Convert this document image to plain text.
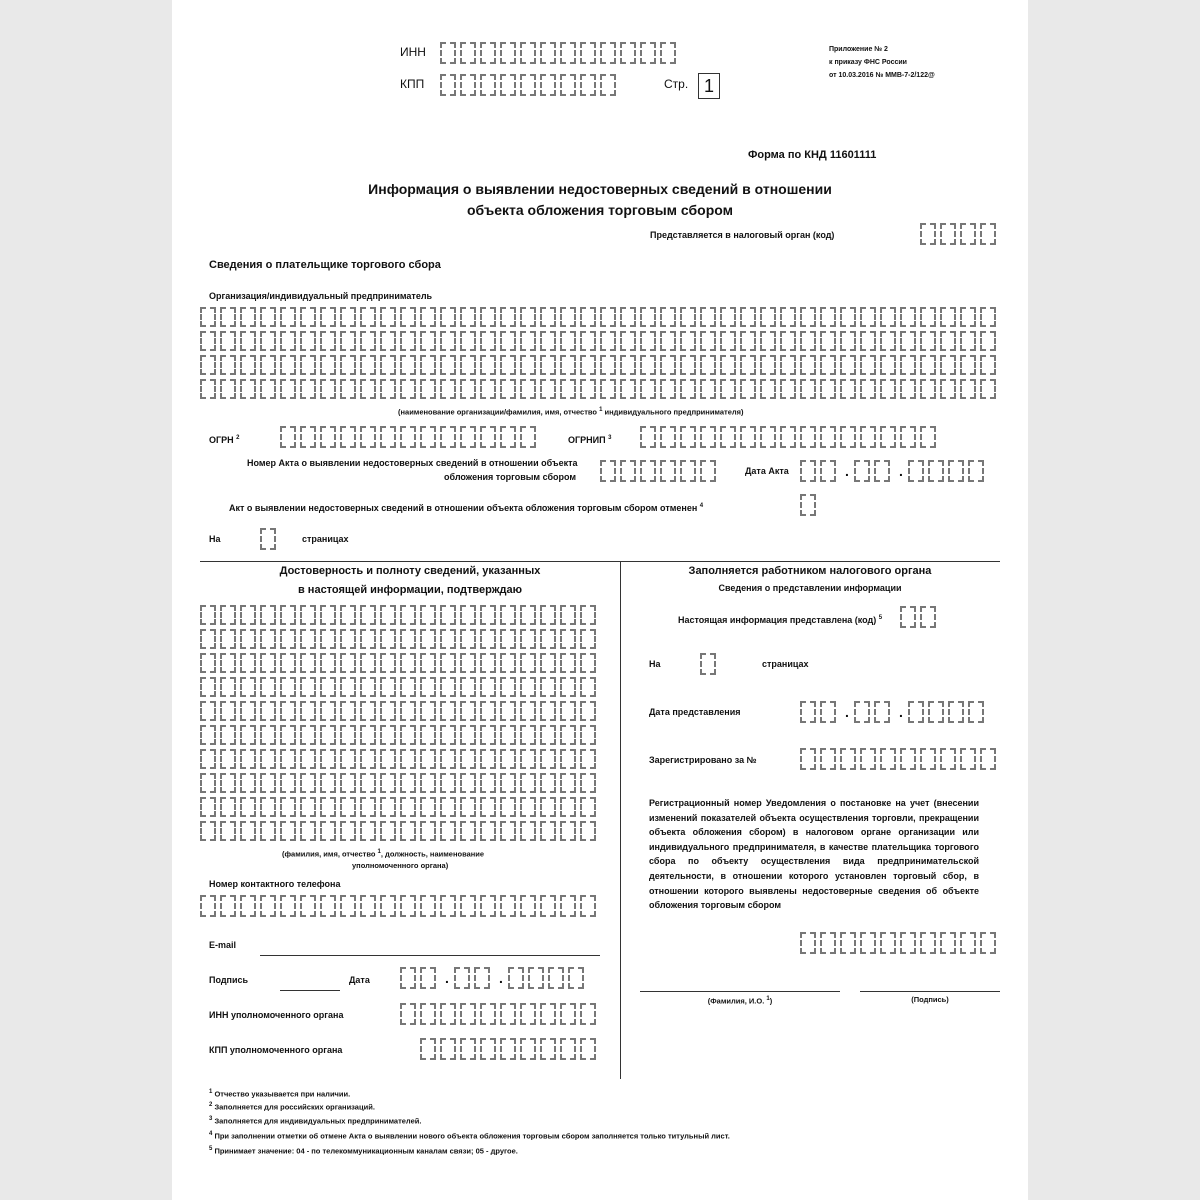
ИНН
КПП	Стр. 1
Приложение № 2
к приказу ФНС России
от 10.03.2016 № ММВ-7-2/122@
Форма по КНД 11601111
Информация о выявлении недостоверных сведений в отношении
объекта обложения торговым сбором
Представляется в налоговый орган (код)
Сведения о плательщике торгового сбора
Организация/индивидуальный предприниматель
(наименование организации/фамилия, имя, отчество $^1$ индивидуального предпринимателя)
ОГРН $^2$	ОГРНИП $^3$
Номер Акта о выявлении недостоверных сведений в отношении объекта
обложения торговым сбором
Дата Акта	.	.
Акт о выявлении недостоверных сведений в отношении объекта обложения торговым сбором отменен $^4$
На	страницах
Достоверность и полноту сведений, указанных
в настоящей информации, подтверждаю
(фамилия, имя, отчество $^1$, должность, наименование
уполномоченного органа)
Номер контактного телефона
E-mail
Подпись	Дата	.	.
ИНН уполномоченного органа
КПП уполномоченного органа
Заполняется работником налогового органа
Сведения о представлении информации
Настоящая информация представлена (код) $^5$
На	страницах
Дата представления	.	.
Зарегистрировано за №
Регистрационный номер Уведомления о постановке на учет (внесении изменений показателей объекта осуществления торговли, прекращении объекта обложения сбором) в налоговом органе организации или индивидуального предпринимателя, в качестве плательщика торгового сбора по объекту осуществления вида предпринимательской деятельности, в отношении которого установлен торговый сбор, в отношении которого выявлены недостоверные сведения об объекте обложения торговым сбором
(Фамилия, И.О. $^1$)	(Подпись)
$^1$ Отчество указывается при наличии.
$^2$ Заполняется для российских организаций.
$^3$ Заполняется для индивидуальных предпринимателей.
$^4$ При заполнении отметки об отмене Акта о выявлении нового объекта обложения торговым сбором заполняется только титульный лист.
$^5$ Принимает значение: 04 - по телекоммуникационным каналам связи; 05 - другое.
